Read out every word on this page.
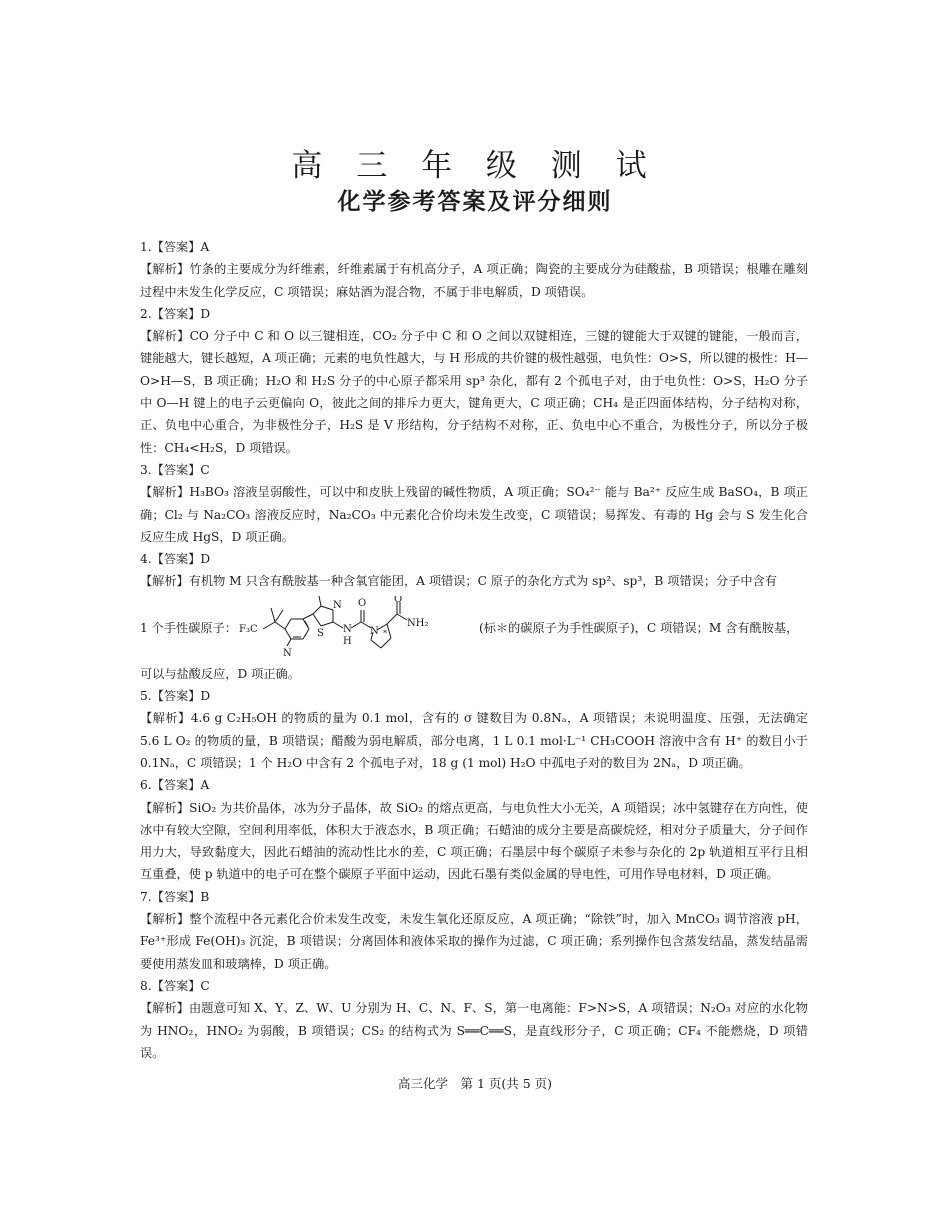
高 三 年 级 测 试
化学参考答案及评分细则

1.【答案】A

【解析】竹条的主要成分为纤维素，纤维素属于有机高分子，A 项正确；陶瓷的主要成分为硅酸盐，B 项错误；根雕在雕刻过程中未发生化学反应，C 项错误；麻姑酒为混合物，不属于非电解质，D 项错误。

2.【答案】D

【解析】CO 分子中 C 和 O 以三键相连，CO₂ 分子中 C 和 O 之间以双键相连，三键的键能大于双键的键能，一般而言，键能越大，键长越短，A 项正确；元素的电负性越大，与 H 形成的共价键的极性越强，电负性：O>S，所以键的极性：H—O>H—S，B 项正确；H₂O 和 H₂S 分子的中心原子都采用 sp³ 杂化，都有 2 个孤电子对，由于电负性：O>S，H₂O 分子中 O—H 键上的电子云更偏向 O，彼此之间的排斥力更大，键角更大，C 项正确；CH₄ 是正四面体结构，分子结构对称，正、负电中心重合，为非极性分子，H₂S 是 V 形结构，分子结构不对称，正、负电中心不重合，为极性分子，所以分子极性：CH₄<H₂S，D 项错误。

3.【答案】C

【解析】H₃BO₃ 溶液呈弱酸性，可以中和皮肤上残留的碱性物质，A 项正确；SO₄²⁻ 能与 Ba²⁺ 反应生成 BaSO₄，B 项正确；Cl₂ 与 Na₂CO₃ 溶液反应时，Na₂CO₃ 中元素化合价均未发生改变，C 项错误；易挥发、有毒的 Hg 会与 S 发生化合反应生成 HgS，D 项正确。

4.【答案】D

【解析】有机物 M 只含有酰胺基一种含氧官能团，A 项错误；C 原子的杂化方式为 sp²、sp³，B 项错误；分子中含有

1 个手性碳原子： F₃C
N
S
N O
N
H
N *
O
NH₂	(标＊的碳原子为手性碳原子)，C 项错误；M 含有酰胺基，

可以与盐酸反应，D 项正确。

5.【答案】D

【解析】4.6 g C₂H₅OH 的物质的量为 0.1 mol，含有的 σ 键数目为 0.8Nₐ，A 项错误；未说明温度、压强，无法确定 5.6 L O₂ 的物质的量，B 项错误；醋酸为弱电解质，部分电离，1 L 0.1 mol·L⁻¹ CH₃COOH 溶液中含有 H⁺ 的数目小于 0.1Nₐ，C 项错误；1 个 H₂O 中含有 2 个孤电子对，18 g (1 mol) H₂O 中孤电子对的数目为 2Nₐ，D 项正确。

6.【答案】A

【解析】SiO₂ 为共价晶体，冰为分子晶体，故 SiO₂ 的熔点更高，与电负性大小无关，A 项错误；冰中氢键存在方向性，使冰中有较大空隙，空间利用率低，体积大于液态水，B 项正确；石蜡油的成分主要是高碳烷烃，相对分子质量大，分子间作用力大，导致黏度大，因此石蜡油的流动性比水的差，C 项正确；石墨层中每个碳原子未参与杂化的 2p 轨道相互平行且相互重叠，使 p 轨道中的电子可在整个碳原子平面中运动，因此石墨有类似金属的导电性，可用作导电材料，D 项正确。

7.【答案】B

【解析】整个流程中各元素化合价未发生改变，未发生氧化还原反应，A 项正确；“除铁”时，加入 MnCO₃ 调节溶液 pH，Fe³⁺形成 Fe(OH)₃ 沉淀，B 项错误；分离固体和液体采取的操作为过滤，C 项正确；系列操作包含蒸发结晶，蒸发结晶需要使用蒸发皿和玻璃棒，D 项正确。

8.【答案】C

【解析】由题意可知 X、Y、Z、W、U 分别为 H、C、N、F、S，第一电离能：F>N>S，A 项错误；N₂O₃ 对应的水化物为 HNO₂，HNO₂ 为弱酸，B 项错误；CS₂ 的结构式为 S══C══S，是直线形分子，C 项正确；CF₄ 不能燃烧，D 项错误。

高三化学　第 1 页(共 5 页)
